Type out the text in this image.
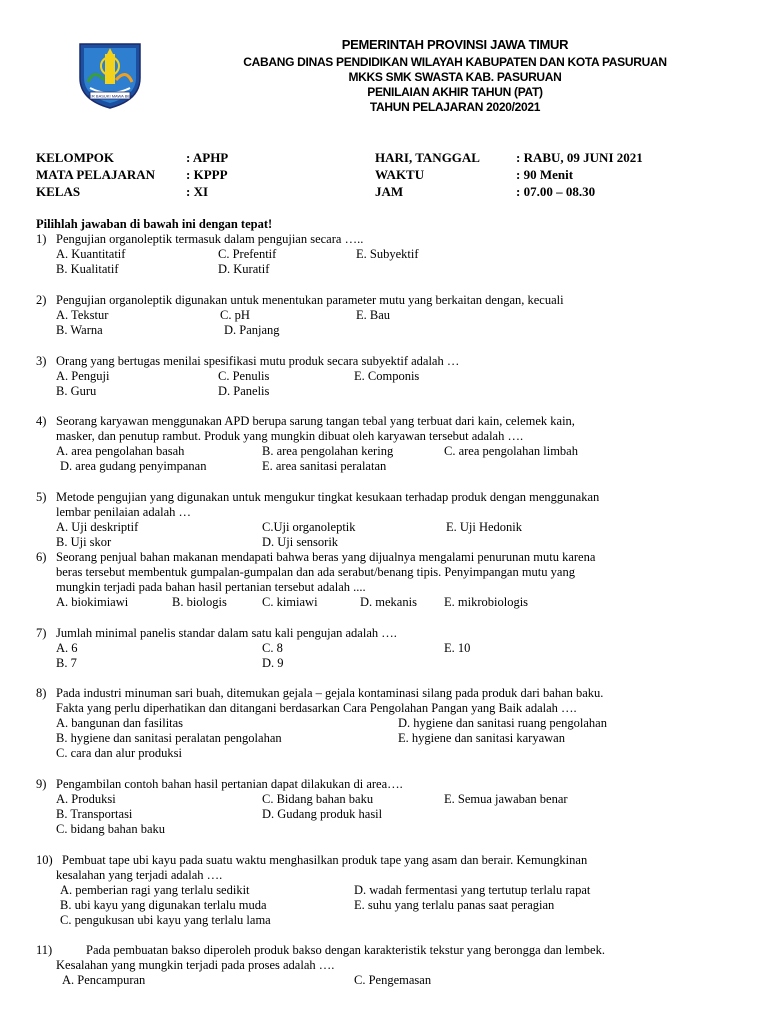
JER BASUKI MAWA BEA
PEMERINTAH PROVINSI JAWA TIMUR
CABANG DINAS PENDIDIKAN WILAYAH KABUPATEN DAN KOTA PASURUAN
MKKS SMK SWASTA KAB. PASURUAN
PENILAIAN AKHIR TAHUN (PAT)
TAHUN PELAJARAN 2020/2021
KELOMPOK	: APHP	HARI, TANGGAL	: RABU, 09 JUNI 2021
MATA PELAJARAN : KPPP	WAKTU	: 90 Menit
KELAS	: XI	JAM	: 07.00 – 08.30
Pilihlah jawaban di bawah ini dengan tepat!
1) Pengujian organoleptik termasuk dalam pengujian secara …..
A. Kuantitatif	C. Prefentif	E. Subyektif
B. Kualitatif	D. Kuratif
2) Pengujian organoleptik digunakan untuk menentukan parameter mutu yang berkaitan dengan, kecuali
A. Tekstur	C. pH	E. Bau
B. Warna	D. Panjang
3) Orang yang bertugas menilai spesifikasi mutu produk secara subyektif adalah …
A. Penguji	C. Penulis	E. Componis
B. Guru	D. Panelis
4) Seorang karyawan menggunakan APD berupa sarung tangan tebal yang terbuat dari kain, celemek kain,
masker, dan penutup rambut. Produk yang mungkin dibuat oleh karyawan tersebut adalah ….
A. area pengolahan basah	B. area pengolahan kering	C. area pengolahan limbah
D. area gudang penyimpanan	E. area sanitasi peralatan
5) Metode pengujian yang digunakan untuk mengukur tingkat kesukaan terhadap produk dengan menggunakan
lembar penilaian adalah …
A. Uji deskriptif	C.Uji organoleptik	E. Uji Hedonik
B. Uji skor	D. Uji sensorik
6) Seorang penjual bahan makanan mendapati bahwa beras yang dijualnya mengalami penurunan mutu karena
beras tersebut membentuk gumpalan-gumpalan dan ada serabut/benang tipis. Penyimpangan mutu yang
mungkin terjadi pada bahan hasil pertanian tersebut adalah ....
A. biokimiawi	B. biologis	C. kimiawi	D. mekanis E. mikrobiologis
7) Jumlah minimal panelis standar dalam satu kali pengujan adalah ….
A. 6	C. 8	E. 10
B. 7	D. 9
8) Pada industri minuman sari buah, ditemukan gejala – gejala kontaminasi silang pada produk dari bahan baku.
Fakta yang perlu diperhatikan dan ditangani berdasarkan Cara Pengolahan Pangan yang Baik adalah ….
A. bangunan dan fasilitas	D. hygiene dan sanitasi ruang pengolahan
B. hygiene dan sanitasi peralatan pengolahan	E. hygiene dan sanitasi karyawan
C. cara dan alur produksi
9) Pengambilan contoh bahan hasil pertanian dapat dilakukan di area….
A. Produksi	C. Bidang bahan baku	E. Semua jawaban benar
B. Transportasi	D. Gudang produk hasil
C. bidang bahan baku
10) Pembuat tape ubi kayu pada suatu waktu menghasilkan produk tape yang asam dan berair. Kemungkinan
kesalahan yang terjadi adalah ….
A. pemberian ragi yang terlalu sedikit	D. wadah fermentasi yang tertutup terlalu rapat
B. ubi kayu yang digunakan terlalu muda	E. suhu yang terlalu panas saat peragian
C. pengukusan ubi kayu yang terlalu lama
11)	Pada pembuatan bakso diperoleh produk bakso dengan karakteristik tekstur yang berongga dan lembek.
Kesalahan yang mungkin terjadi pada proses adalah ….
A. Pencampuran	C. Pengemasan
